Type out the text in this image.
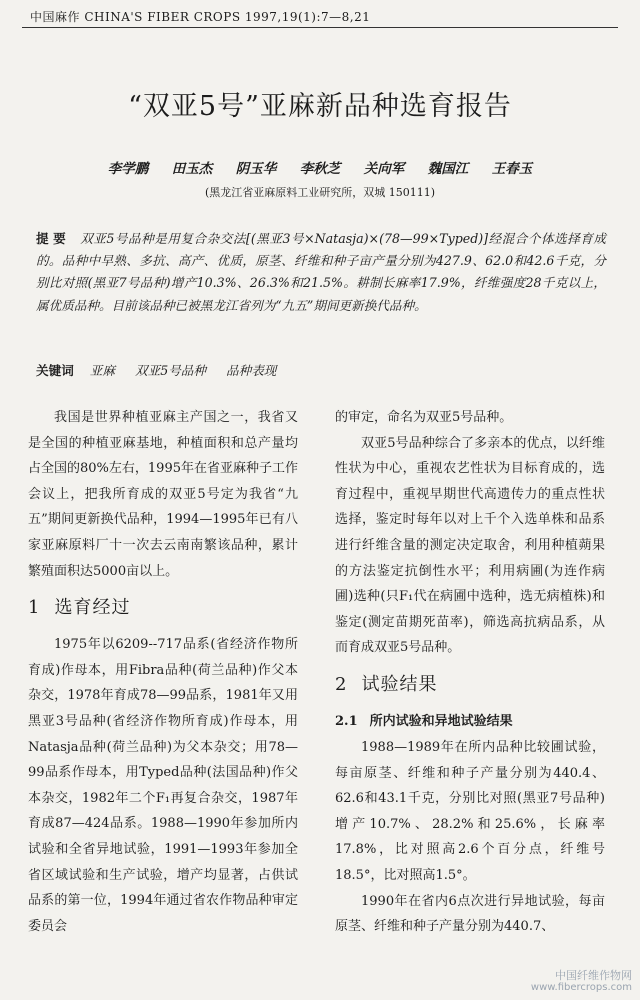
中国麻作 CHINA'S FIBER CROPS 1997,19(1):7—8,21
“双亚5号”亚麻新品种选育报告
李学鹏 田玉杰 阴玉华 李秋芝 关向军 魏国江 王春玉
(黑龙江省亚麻原料工业研究所，双城 150111)
提要 双亚5号品种是用复合杂交法[(黑亚3号×Natasja)×(78—99×Typed)]经混合个体选择育成的。品种中早熟、多抗、高产、优质，原茎、纤维和种子亩产量分别为427.9、62.0和42.6千克，分别比对照(黑亚7号品种)增产10.3%、26.3%和21.5%。耕制长麻率17.9%，纤维强度28千克以上，属优质品种。目前该品种已被黑龙江省列为“九五”期间更新换代品种。
关键词 亚麻 双亚5号品种 品种表现

我国是世界种植亚麻主产国之一，我省又是全国的种植亚麻基地，种植面积和总产量均占全国的80%左右，1995年在省亚麻种子工作会议上，把我所育成的双亚5号定为我省“九五”期间更新换代品种，1994—1995年已有八家亚麻原料厂十一次去云南南繁该品种，累计繁殖面积达5000亩以上。

1 选育经过

1975年以6209--717品系(省经济作物所育成)作母本，用Fibra品种(荷兰品种)作父本杂交，1978年育成78—99品系，1981年又用黑亚3号品种(省经济作物所育成)作母本，用Natasja品种(荷兰品种)为父本杂交；用78—99品系作母本，用Typed品种(法国品种)作父本杂交，1982年二个F₁再复合杂交，1987年育成87—424品系。1988—1990年参加所内试验和全省异地试验，1991—1993年参加全省区域试验和生产试验，增产均显著，占供试品系的第一位，1994年通过省农作物品种审定委员会

的审定，命名为双亚5号品种。

双亚5号品种综合了多亲本的优点，以纤维性状为中心，重视农艺性状为目标育成的，选育过程中，重视早期世代高遗传力的重点性状选择，鉴定时每年以对上千个入选单株和品系进行纤维含量的测定决定取舍，利用种植蒴果的方法鉴定抗倒性水平；利用病圃(为连作病圃)选种(只F₁代在病圃中选种，选无病植株)和鉴定(测定苗期死苗率)，筛选高抗病品系，从而育成双亚5号品种。

2 试验结果
2.1 所内试验和异地试验结果

1988—1989年在所内品种比较圃试验，每亩原茎、纤维和种子产量分别为440.4、62.6和43.1千克，分别比对照(黑亚7号品种)增产10.7%、28.2%和25.6%，长麻率17.8%，比对照高2.6个百分点，纤维号18.5°，比对照高1.5°。

1990年在省内6点次进行异地试验，每亩原茎、纤维和种子产量分别为440.7、

中国纤维作物网
www.fibercrops.com
